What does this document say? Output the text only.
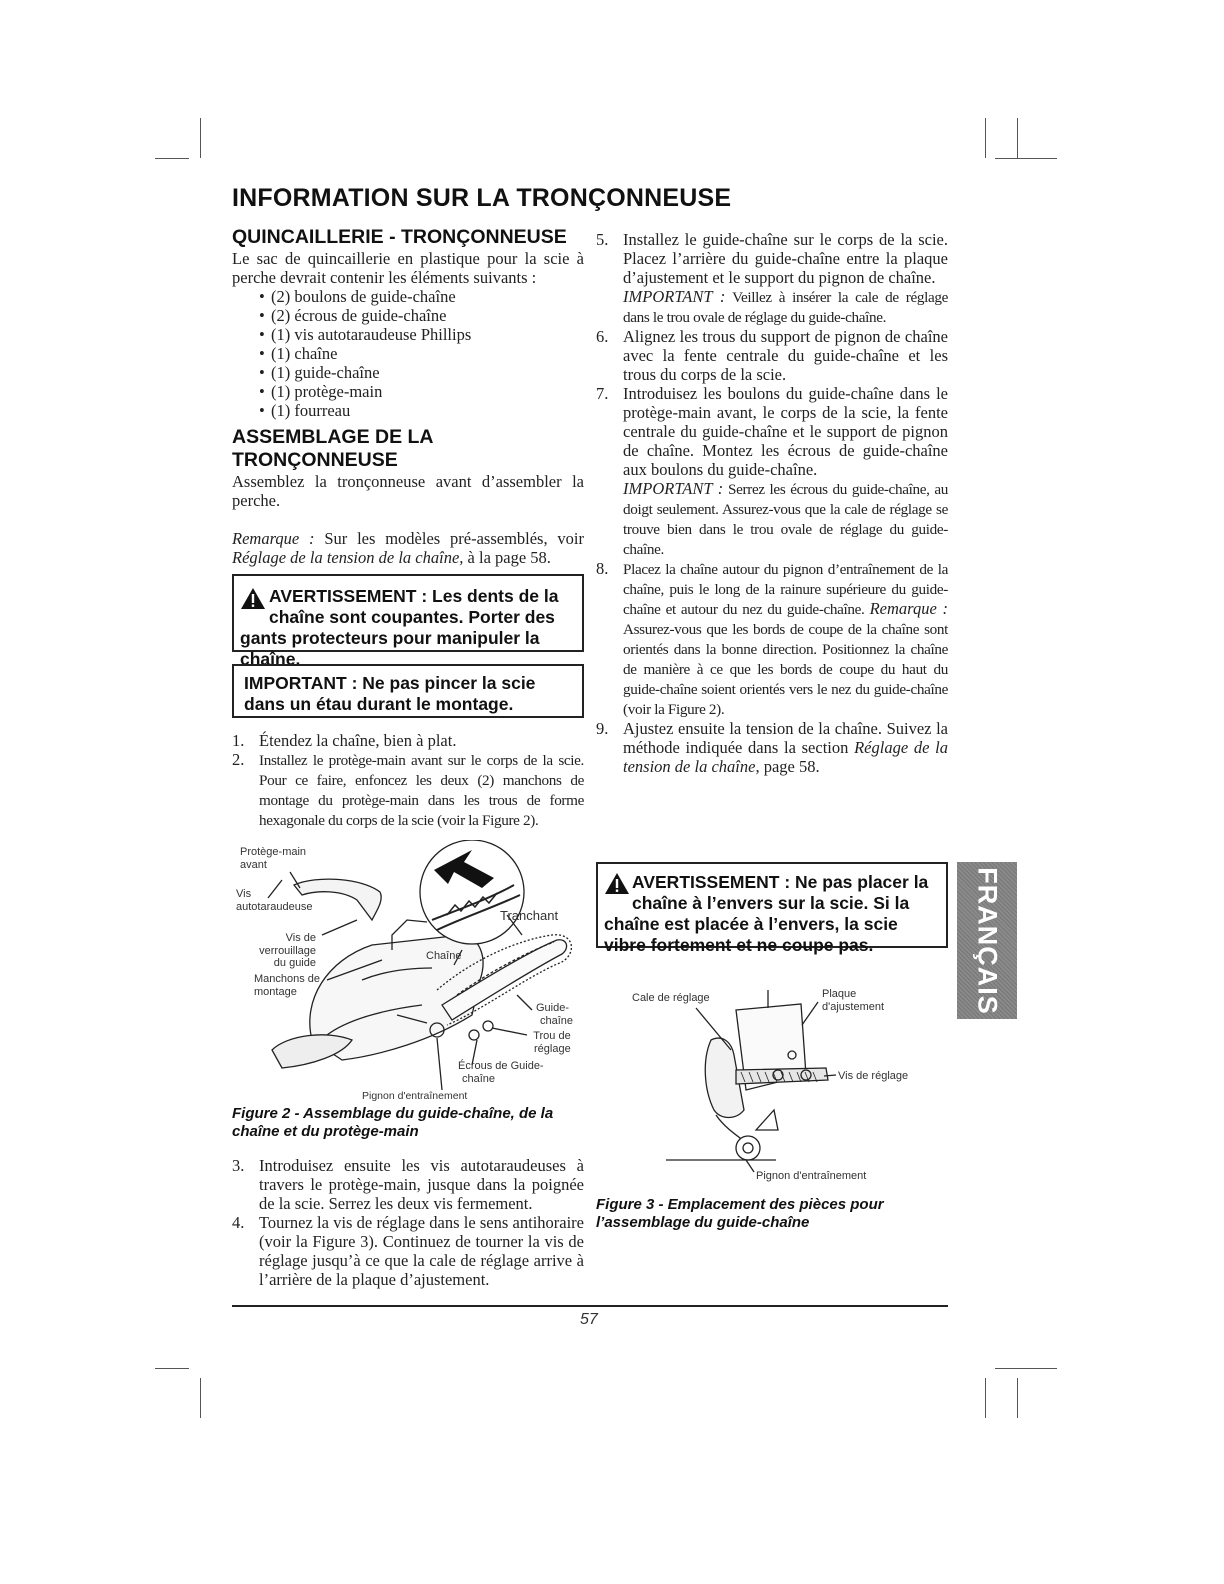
INFORMATION SUR LA TRONÇONNEUSE
QUINCAILLERIE - TRONÇONNEUSE

Le sac de quincaillerie en plastique pour la scie à perche devrait contenir les éléments suivants :

• (2) boulons de guide-chaîne
• (2) écrous de guide-chaîne
• (1) vis autotaraudeuse Phillips
• (1) chaîne
• (1) guide-chaîne
• (1) protège-main
• (1) fourreau
ASSEMBLAGE DE LA
TRONÇONNEUSE

Assemblez la tronçonneuse avant d’assembler la perche.

Remarque : Sur les modèles pré-assemblés, voir Réglage de la tension de la chaîne, à la page 58.

AVERTISSEMENT : Les dents de la chaîne sont coupantes. Porter des gants protecteurs pour manipuler la chaîne.
IMPORTANT : Ne pas pincer la scie dans un étau durant le montage.
1. Étendez la chaîne, bien à plat.
2. Installez le protège-main avant sur le corps de la scie. Pour ce faire, enfoncez les deux (2) manchons de montage du protège-main dans les trous de forme hexagonale du corps de la scie (voir la Figure 2).
Protège-main
avant
Vis
autotaraudeuse
Vis de
verrouillage
du guide
Manchons de
montage
Tranchant
Chaîne
Guide-
chaîne
Trou de
réglage
Écrous de Guide-
chaîne
Pignon d'entraînement
Figure 2 - Assemblage du guide-chaîne, de la chaîne et du protège-main
3. Introduisez ensuite les vis autotaraudeuses à travers le protège-main, jusque dans la poignée de la scie. Serrez les deux vis fermement.
4. Tournez la vis de réglage dans le sens antihoraire (voir la Figure 3). Continuez de tourner la vis de réglage jusqu’à ce que la cale de réglage arrive à l’arrière de la plaque d’ajustement.
5. Installez le guide-chaîne sur le corps de la scie. Placez l’arrière du guide-chaîne entre la plaque d’ajustement et le support du pignon de chaîne.
IMPORTANT : Veillez à insérer la cale de réglage dans le trou ovale de réglage du guide-chaîne.
6. Alignez les trous du support de pignon de chaîne avec la fente centrale du guide-chaîne et les trous du corps de la scie.
7. Introduisez les boulons du guide-chaîne dans le protège-main avant, le corps de la scie, la fente centrale du guide-chaîne et le support de pignon de chaîne. Montez les écrous de guide-chaîne aux boulons du guide-chaîne.
IMPORTANT : Serrez les écrous du guide-chaîne, au doigt seulement. Assurez-vous que la cale de réglage se trouve bien dans le trou ovale de réglage du guide-chaîne.
8. Placez la chaîne autour du pignon d’entraînement de la chaîne, puis le long de la rainure supérieure du guide-chaîne et autour du nez du guide-chaîne. Remarque : Assurez-vous que les bords de coupe de la chaîne sont orientés dans la bonne direction. Positionnez la chaîne de manière à ce que les bords de coupe du haut du guide-chaîne soient orientés vers le nez du guide-chaîne (voir la Figure 2).
9. Ajustez ensuite la tension de la chaîne. Suivez la méthode indiquée dans la section Réglage de la tension de la chaîne, page 58.
AVERTISSEMENT : Ne pas placer la chaîne à l’envers sur la scie. Si la chaîne est placée à l’envers, la scie vibre fortement et ne coupe pas.
Cale de réglage	Plaque
d'ajustement
Vis de réglage
Pignon d'entraînement
Figure 3 - Emplacement des pièces pour l’assemblage du guide-chaîne
FRANÇAIS
57
